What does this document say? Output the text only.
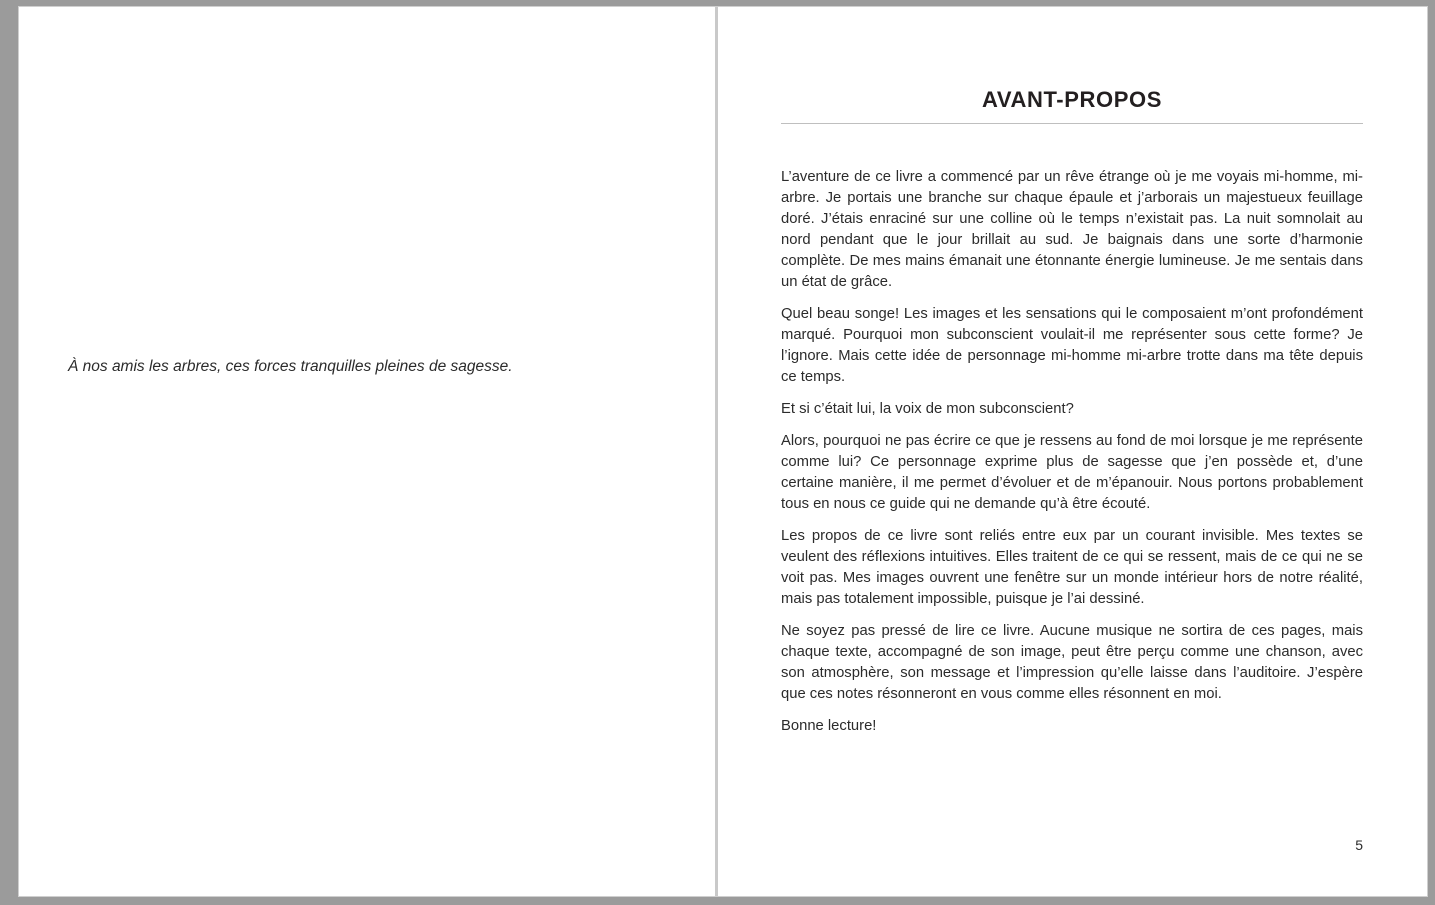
À nos amis les arbres, ces forces tranquilles pleines de sagesse.
AVANT-PROPOS

L’aventure de ce livre a commencé par un rêve étrange où je me voyais mi-homme, mi-arbre. Je portais une branche sur chaque épaule et j’arborais un majestueux feuillage doré. J’étais enraciné sur une colline où le temps n’existait pas. La nuit somnolait au nord pendant que le jour brillait au sud. Je baignais dans une sorte d’harmonie complète. De mes mains émanait une étonnante énergie lumineuse. Je me sentais dans un état de grâce.

Quel beau songe! Les images et les sensations qui le composaient m’ont profondément marqué. Pourquoi mon subconscient voulait-il me représenter sous cette forme? Je l’ignore. Mais cette idée de personnage mi-homme mi-arbre trotte dans ma tête depuis ce temps.

Et si c’était lui, la voix de mon subconscient?

Alors, pourquoi ne pas écrire ce que je ressens au fond de moi lorsque je me représente comme lui? Ce personnage exprime plus de sagesse que j’en possède et, d’une certaine manière, il me permet d’évoluer et de m’épanouir. Nous portons probablement tous en nous ce guide qui ne demande qu’à être écouté.

Les propos de ce livre sont reliés entre eux par un courant invisible. Mes textes se veulent des réflexions intuitives. Elles traitent de ce qui se ressent, mais de ce qui ne se voit pas. Mes images ouvrent une fenêtre sur un monde intérieur hors de notre réalité, mais pas totalement impossible, puisque je l’ai dessiné.

Ne soyez pas pressé de lire ce livre. Aucune musique ne sortira de ces pages, mais chaque texte, accompagné de son image, peut être perçu comme une chanson, avec son atmosphère, son message et l’impression qu’elle laisse dans l’auditoire. J’espère que ces notes résonneront en vous comme elles résonnent en moi.

Bonne lecture!

5
